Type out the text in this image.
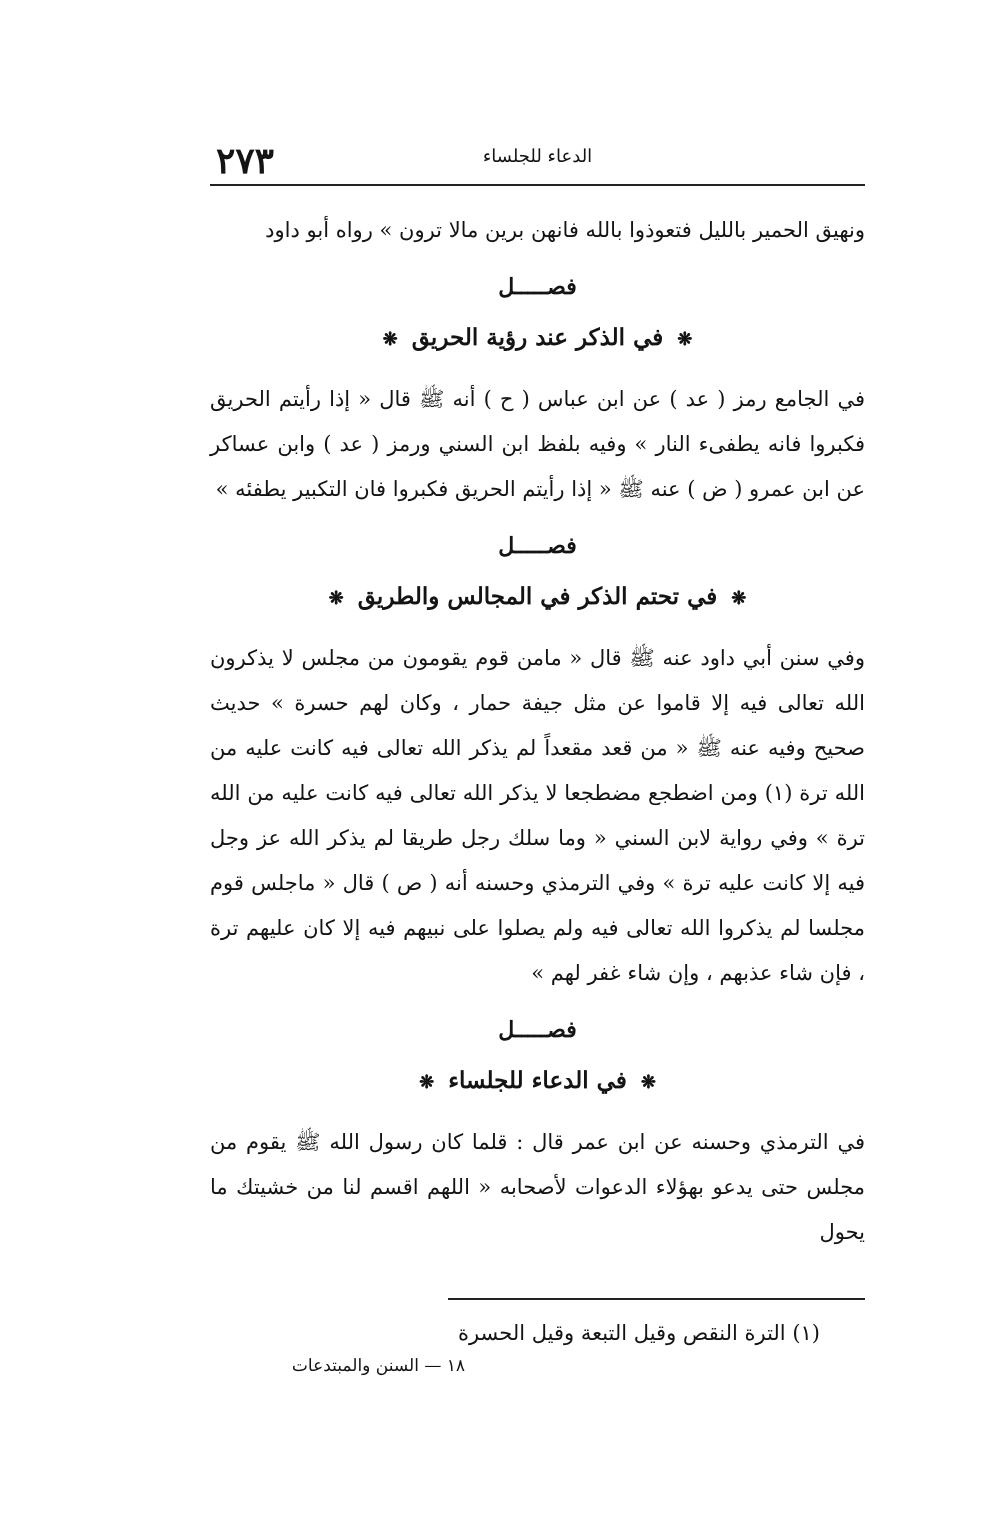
٢٧٣	الدعاء للجلساء

ونهيق الحمير بالليل فتعوذوا بالله فانهن برين مالا ترون » رواه أبو داود

فصـــــل
❋ في الذكر عند رؤية الحريق ❋

في الجامع رمز ( عد ) عن ابن عباس ( ح ) أنه ﷺ قال « إذا رأيتم الحريق فكبروا فانه يطفىء النار » وفيه بلفظ ابن السني ورمز ( عد ) وابن عساكر عن ابن عمرو ( ض ) عنه ﷺ « إذا رأيتم الحريق فكبروا فان التكبير يطفئه »

فصـــــل
❋ في تحتم الذكر في المجالس والطريق ❋

وفي سنن أبي داود عنه ﷺ قال « مامن قوم يقومون من مجلس لا يذكرون الله تعالى فيه إلا قاموا عن مثل جيفة حمار ، وكان لهم حسرة » حديث صحيح وفيه عنه ﷺ « من قعد مقعداً لم يذكر الله تعالى فيه كانت عليه من الله ترة (١) ومن اضطجع مضطجعا لا يذكر الله تعالى فيه كانت عليه من الله ترة » وفي رواية لابن السني « وما سلك رجل طريقا لم يذكر الله عز وجل فيه إلا كانت عليه ترة » وفي الترمذي وحسنه أنه ( ص ) قال « ماجلس قوم مجلسا لم يذكروا الله تعالى فيه ولم يصلوا على نبيهم فيه إلا كان عليهم ترة ، فإن شاء عذبهم ، وإن شاء غفر لهم »

فصـــــل
❋ في الدعاء للجلساء ❋

في الترمذي وحسنه عن ابن عمر قال : قلما كان رسول الله ﷺ يقوم من مجلس حتى يدعو بهؤلاء الدعوات لأصحابه « اللهم اقسم لنا من خشيتك ما يحول

(١) الترة النقص وقيل التبعة وقيل الحسرة
١٨ — السنن والمبتدعات
